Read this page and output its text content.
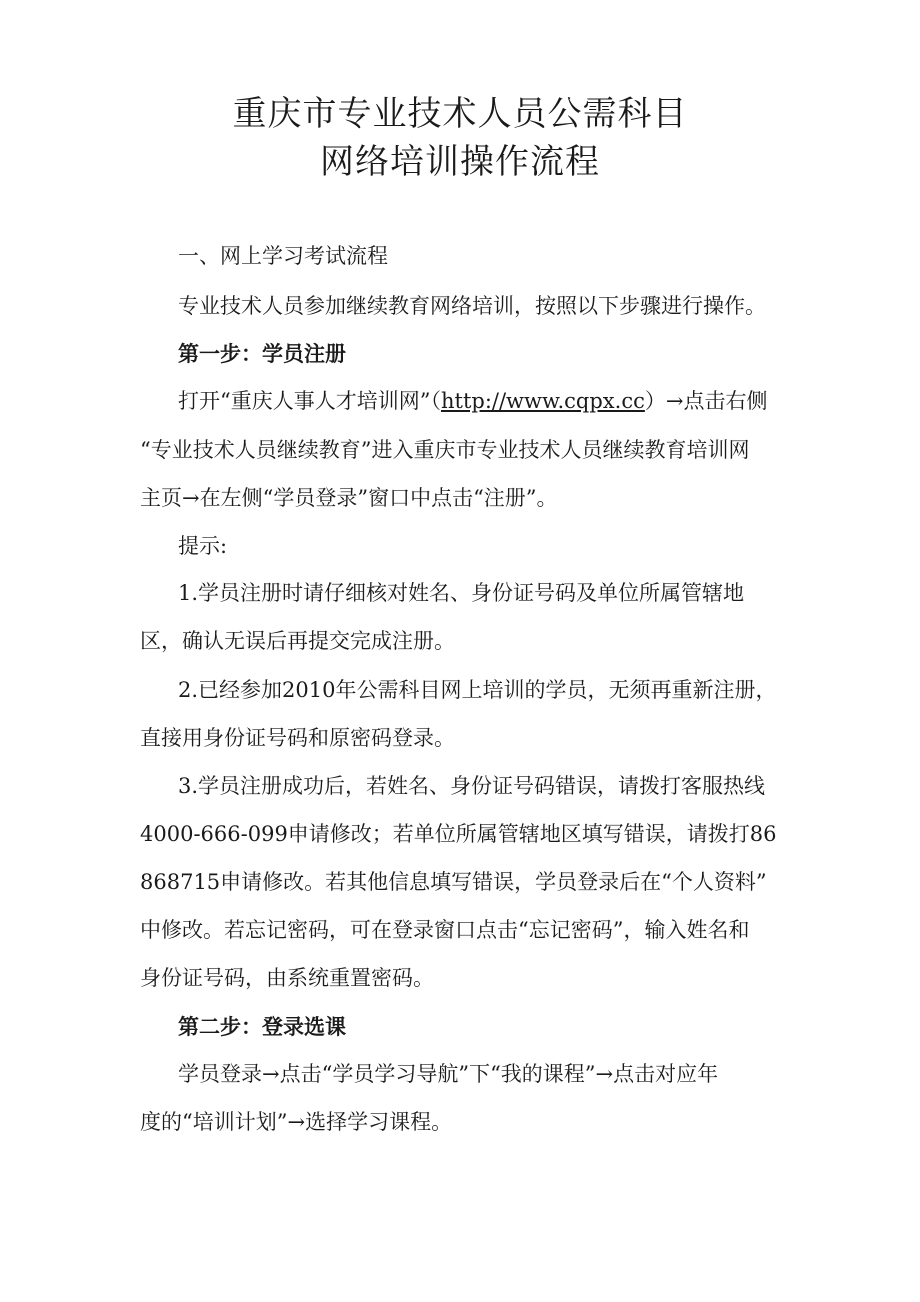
重庆市专业技术人员公需科目
网络培训操作流程
一、网上学习考试流程
专业技术人员参加继续教育网络培训，按照以下步骤进行操作。
第一步：学员注册
打开“重庆人事人才培训网”（http://www.cqpx.cc）→点击右侧
“专业技术人员继续教育”进入重庆市专业技术人员继续教育培训网
主页→在左侧“学员登录”窗口中点击“注册”。
提示:
1.学员注册时请仔细核对姓名、身份证号码及单位所属管辖地
区，确认无误后再提交完成注册。
2.已经参加2010年公需科目网上培训的学员，无须再重新注册，
直接用身份证号码和原密码登录。
3.学员注册成功后，若姓名、身份证号码错误，请拨打客服热线
4000-666-099申请修改；若单位所属管辖地区填写错误，请拨打86
868715申请修改。若其他信息填写错误，学员登录后在“个人资料”
中修改。若忘记密码，可在登录窗口点击“忘记密码”，输入姓名和
身份证号码，由系统重置密码。
第二步：登录选课
学员登录→点击“学员学习导航”下“我的课程”→点击对应年
度的“培训计划”→选择学习课程。
